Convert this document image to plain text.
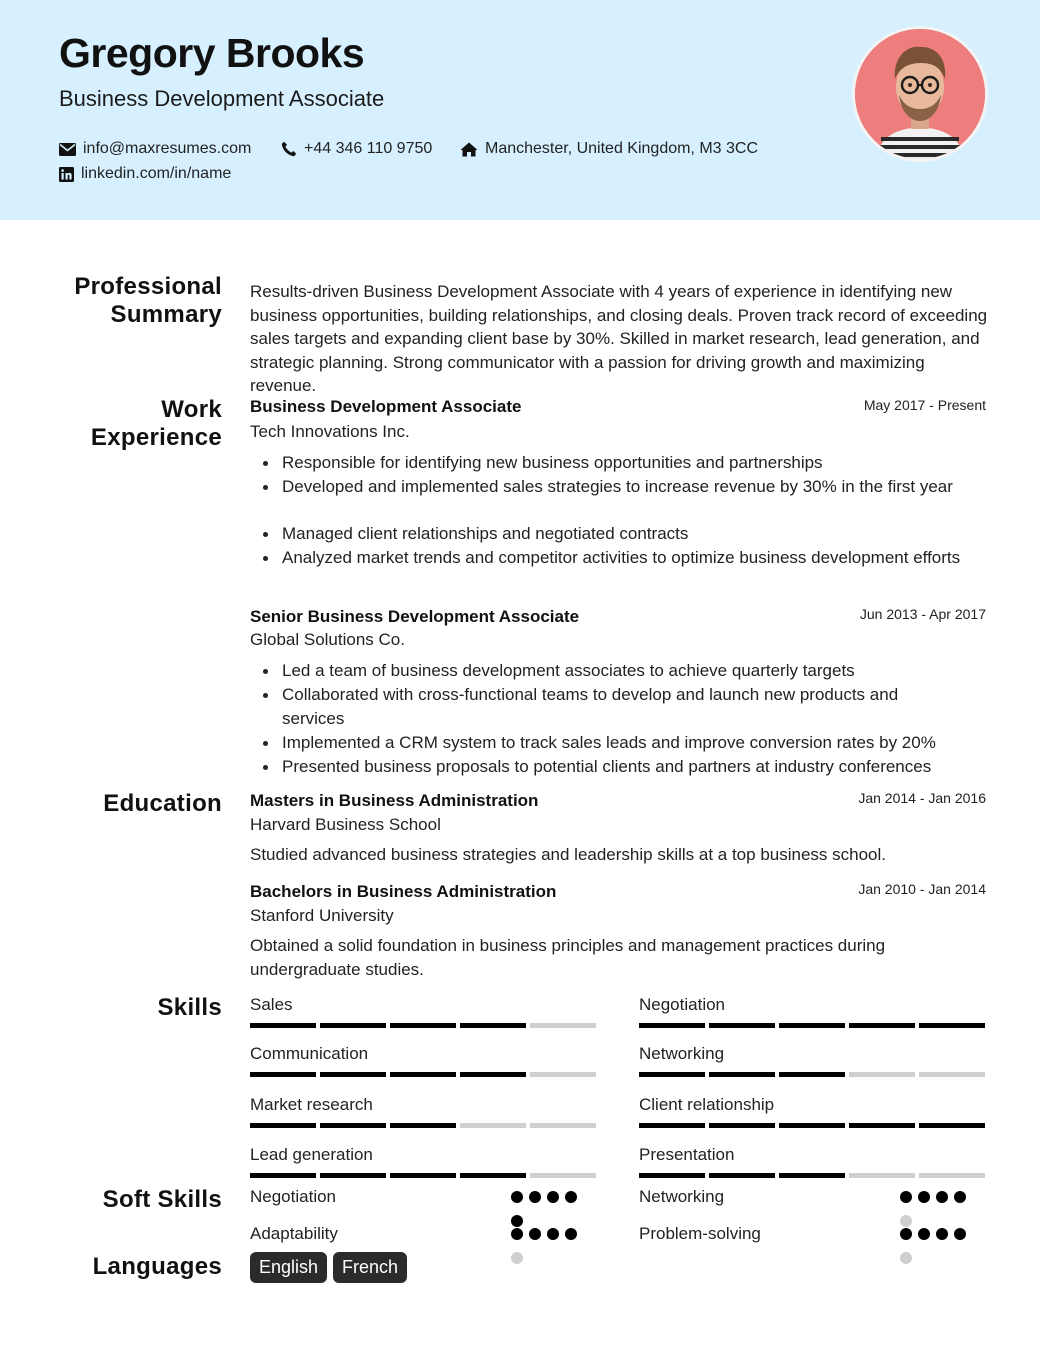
Gregory Brooks
Business Development Associate
info@maxresumes.com	+44 346 110 9750	Manchester, United Kingdom, M3 3CC
linkedin.com/in/name
Professional
Summary
Work
Experience
Education
Skills
Soft Skills
Languages
Results-driven Business Development Associate with 4 years of experience in identifying new business opportunities, building relationships, and closing deals. Proven track record of exceeding sales targets and expanding client base by 30%. Skilled in market research, lead generation, and strategic planning. Strong communicator with a passion for driving growth and maximizing revenue.
Business Development Associate	May 2017 - Present
Tech Innovations Inc.
Responsible for identifying new business opportunities and partnerships
Developed and implemented sales strategies to increase revenue by 30% in the first year
Managed client relationships and negotiated contracts
Analyzed market trends and competitor activities to optimize business development efforts
Senior Business Development Associate	Jun 2013 - Apr 2017
Global Solutions Co.
Led a team of business development associates to achieve quarterly targets
Collaborated with cross-functional teams to develop and launch new products and services
Implemented a CRM system to track sales leads and improve conversion rates by 20%
Presented business proposals to potential clients and partners at industry conferences
Masters in Business Administration	Jan 2014 - Jan 2016
Harvard Business School
Studied advanced business strategies and leadership skills at a top business school.
Bachelors in Business Administration	Jan 2010 - Jan 2014
Stanford University
Obtained a solid foundation in business principles and management practices during undergraduate studies.
Sales	Negotiation
Communication	Networking
Market research	Client relationship
Lead generation	Presentation
Negotiation	Networking
Adaptability	Problem-solving
English	French
